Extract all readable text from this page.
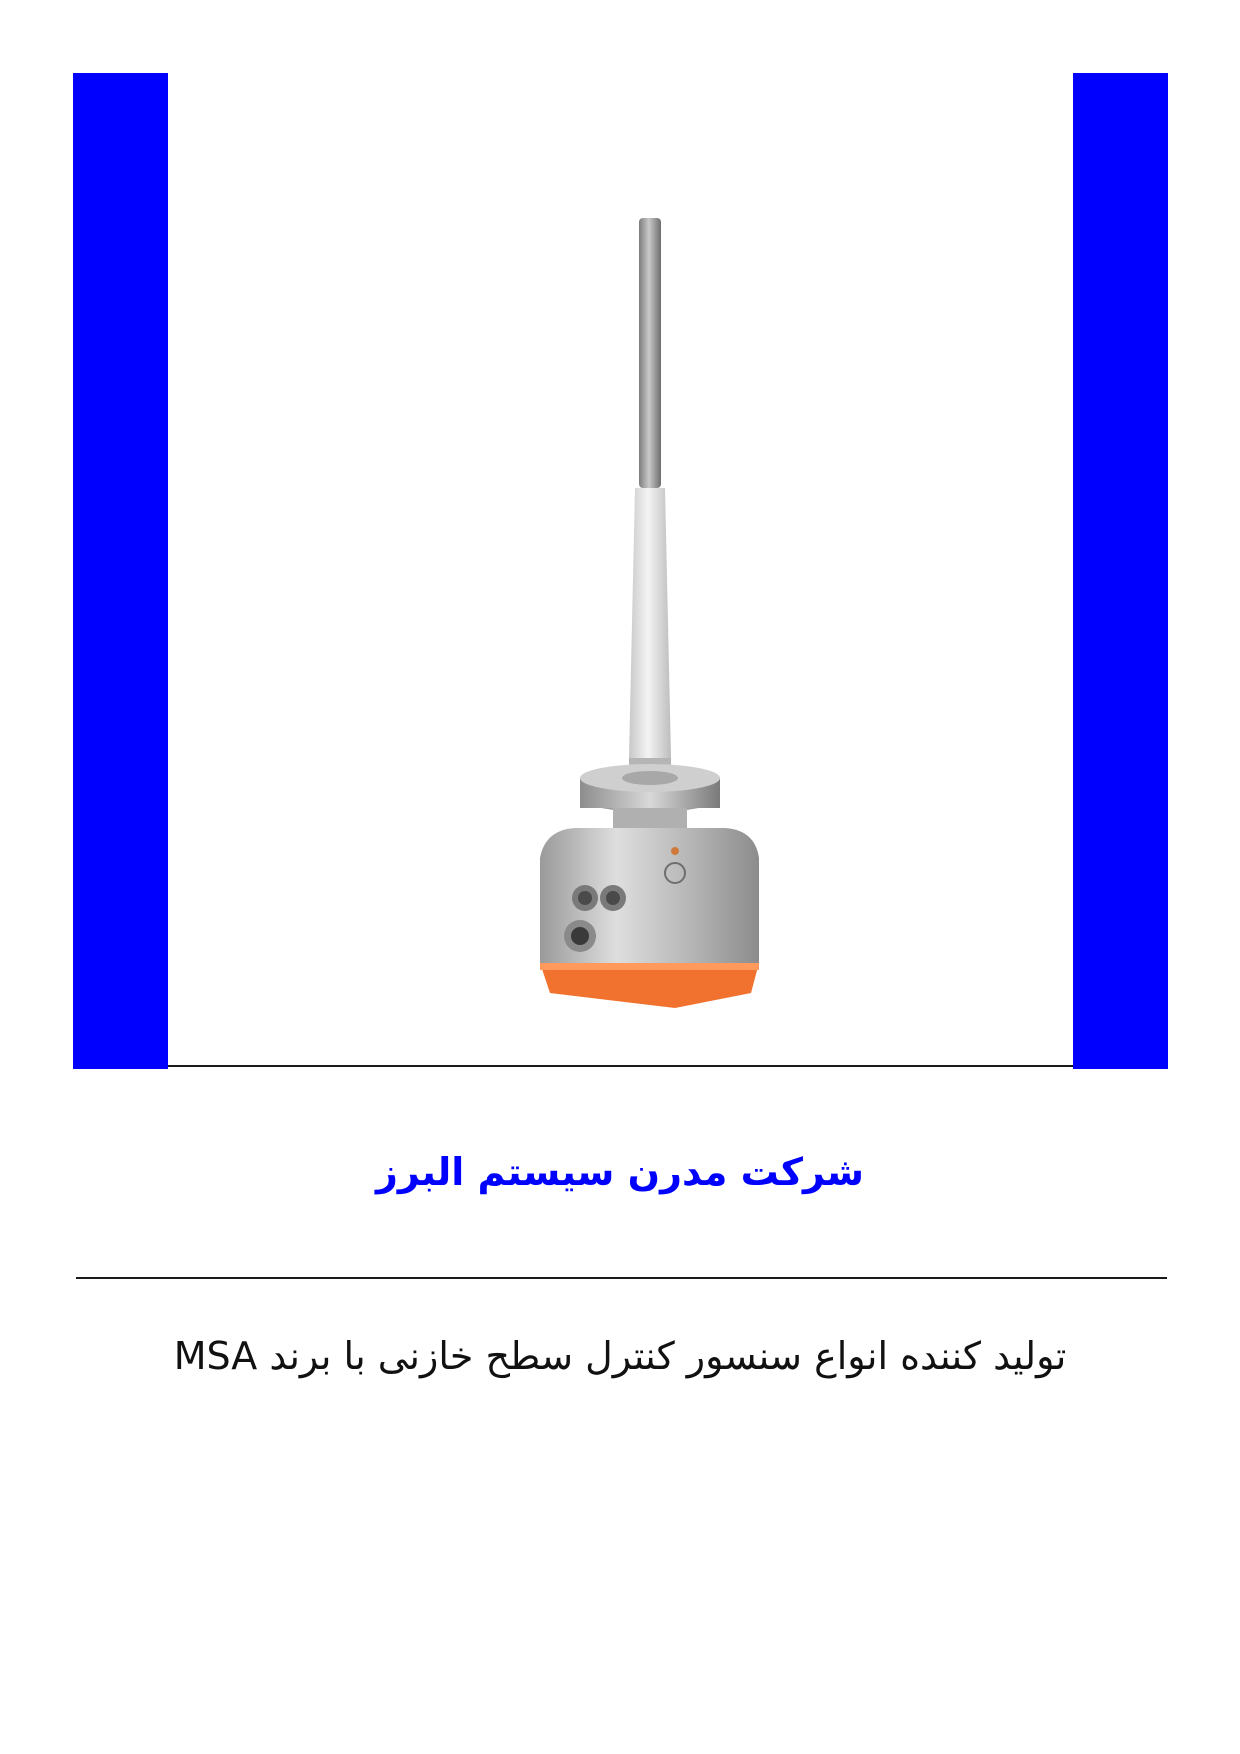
شرکت مدرن سیستم البرز
تولید کننده انواع سنسور کنترل سطح خازنی با برند MSA
